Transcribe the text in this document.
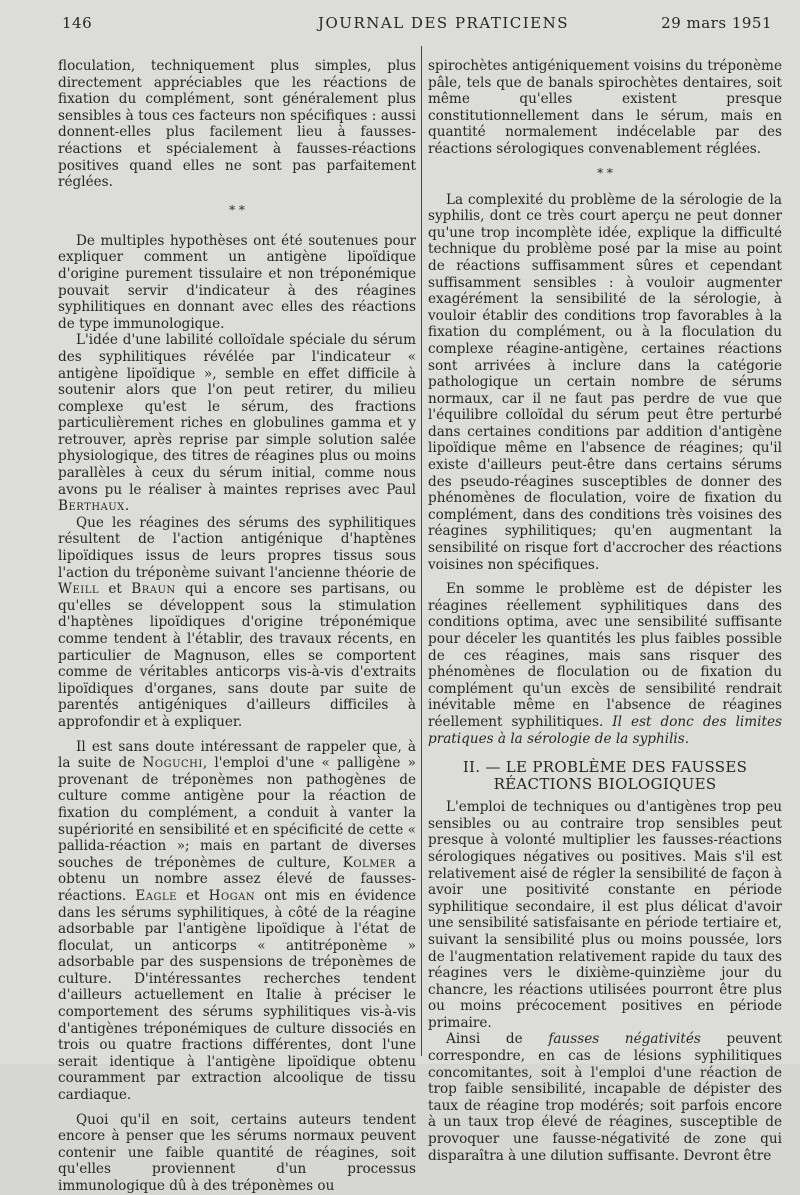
146	JOURNAL DES PRATICIENS	29 mars 1951

floculation, techniquement plus simples, plus directement appréciables que les réactions de fixation du complément, sont généralement plus sensibles à tous ces facteurs non spécifiques : aussi donnent-elles plus facilement lieu à fausses-réactions et spécialement à fausses-réactions positives quand elles ne sont pas parfaitement réglées.

* *

De multiples hypothèses ont été soutenues pour expliquer comment un antigène lipoïdique d'origine purement tissulaire et non tréponémique pouvait servir d'indicateur à des réagines syphilitiques en donnant avec elles des réactions de type immunologique.

L'idée d'une labilité colloïdale spéciale du sérum des syphilitiques révélée par l'indicateur « antigène lipoïdique », semble en effet difficile à soutenir alors que l'on peut retirer, du milieu complexe qu'est le sérum, des fractions particulièrement riches en globulines gamma et y retrouver, après reprise par simple solution salée physiologique, des titres de réagines plus ou moins parallèles à ceux du sérum initial, comme nous avons pu le réaliser à maintes reprises avec Paul Berthaux.

Que les réagines des sérums des syphilitiques résultent de l'action antigénique d'haptènes lipoïdiques issus de leurs propres tissus sous l'action du tréponème suivant l'ancienne théorie de Weill et Braun qui a encore ses partisans, ou qu'elles se développent sous la stimulation d'haptènes lipoïdiques d'origine tréponémique comme tendent à l'établir, des travaux récents, en particulier de Magnuson, elles se comportent comme de véritables anticorps vis-à-vis d'extraits lipoïdiques d'organes, sans doute par suite de parentés antigéniques d'ailleurs difficiles à approfondir et à expliquer.

Il est sans doute intéressant de rappeler que, à la suite de Noguchi, l'emploi d'une « palligène » provenant de tréponèmes non pathogènes de culture comme antigène pour la réaction de fixation du complément, a conduit à vanter la supériorité en sensibilité et en spécificité de cette « pallida-réaction »; mais en partant de diverses souches de tréponèmes de culture, Kolmer a obtenu un nombre assez élevé de fausses-réactions. Eagle et Hogan ont mis en évidence dans les sérums syphilitiques, à côté de la réagine adsorbable par l'antigène lipoïdique à l'état de floculat, un anticorps « antitréponème » adsorbable par des suspensions de tréponèmes de culture. D'intéressantes recherches tendent d'ailleurs actuellement en Italie à préciser le comportement des sérums syphilitiques vis-à-vis d'antigènes tréponémiques de culture dissociés en trois ou quatre fractions différentes, dont l'une serait identique à l'antigène lipoïdique obtenu couramment par extraction alcoolique de tissu cardiaque.

Quoi qu'il en soit, certains auteurs tendent encore à penser que les sérums normaux peuvent contenir une faible quantité de réagines, soit qu'elles proviennent d'un processus immunologique dû à des tréponèmes ou

spirochètes antigéniquement voisins du tréponème pâle, tels que de banals spirochètes dentaires, soit même qu'elles existent presque constitutionnellement dans le sérum, mais en quantité normalement indécelable par des réactions sérologiques convenablement réglées.

* *

La complexité du problème de la sérologie de la syphilis, dont ce très court aperçu ne peut donner qu'une trop incomplète idée, explique la difficulté technique du problème posé par la mise au point de réactions suffisamment sûres et cependant suffisamment sensibles : à vouloir augmenter exagérément la sensibilité de la sérologie, à vouloir établir des conditions trop favorables à la fixation du complément, ou à la floculation du complexe réagine-antigène, certaines réactions sont arrivées à inclure dans la catégorie pathologique un certain nombre de sérums normaux, car il ne faut pas perdre de vue que l'équilibre colloïdal du sérum peut être perturbé dans certaines conditions par addition d'antigène lipoïdique même en l'absence de réagines; qu'il existe d'ailleurs peut-être dans certains sérums des pseudo-réagines susceptibles de donner des phénomènes de floculation, voire de fixation du complément, dans des conditions très voisines des réagines syphilitiques; qu'en augmentant la sensibilité on risque fort d'accrocher des réactions voisines non spécifiques.

En somme le problème est de dépister les réagines réellement syphilitiques dans des conditions optima, avec une sensibilité suffisante pour déceler les quantités les plus faibles possible de ces réagines, mais sans risquer des phénomènes de floculation ou de fixation du complément qu'un excès de sensibilité rendrait inévitable même en l'absence de réagines réellement syphilitiques. Il est donc des limites pratiques à la sérologie de la syphilis.

II. — LE PROBLÈME DES FAUSSES RÉACTIONS BIOLOGIQUES

L'emploi de techniques ou d'antigènes trop peu sensibles ou au contraire trop sensibles peut presque à volonté multiplier les fausses-réactions sérologiques négatives ou positives. Mais s'il est relativement aisé de régler la sensibilité de façon à avoir une positivité constante en période syphilitique secondaire, il est plus délicat d'avoir une sensibilité satisfaisante en période tertiaire et, suivant la sensibilité plus ou moins poussée, lors de l'augmentation relativement rapide du taux des réagines vers le dixième-quinzième jour du chancre, les réactions utilisées pourront être plus ou moins précocement positives en période primaire.

Ainsi de fausses négativités peuvent correspondre, en cas de lésions syphilitiques concomitantes, soit à l'emploi d'une réaction de trop faible sensibilité, incapable de dépister des taux de réagine trop modérés; soit parfois encore à un taux trop élevé de réagines, susceptible de provoquer une fausse-négativité de zone qui disparaîtra à une dilution suffisante. Devront être
